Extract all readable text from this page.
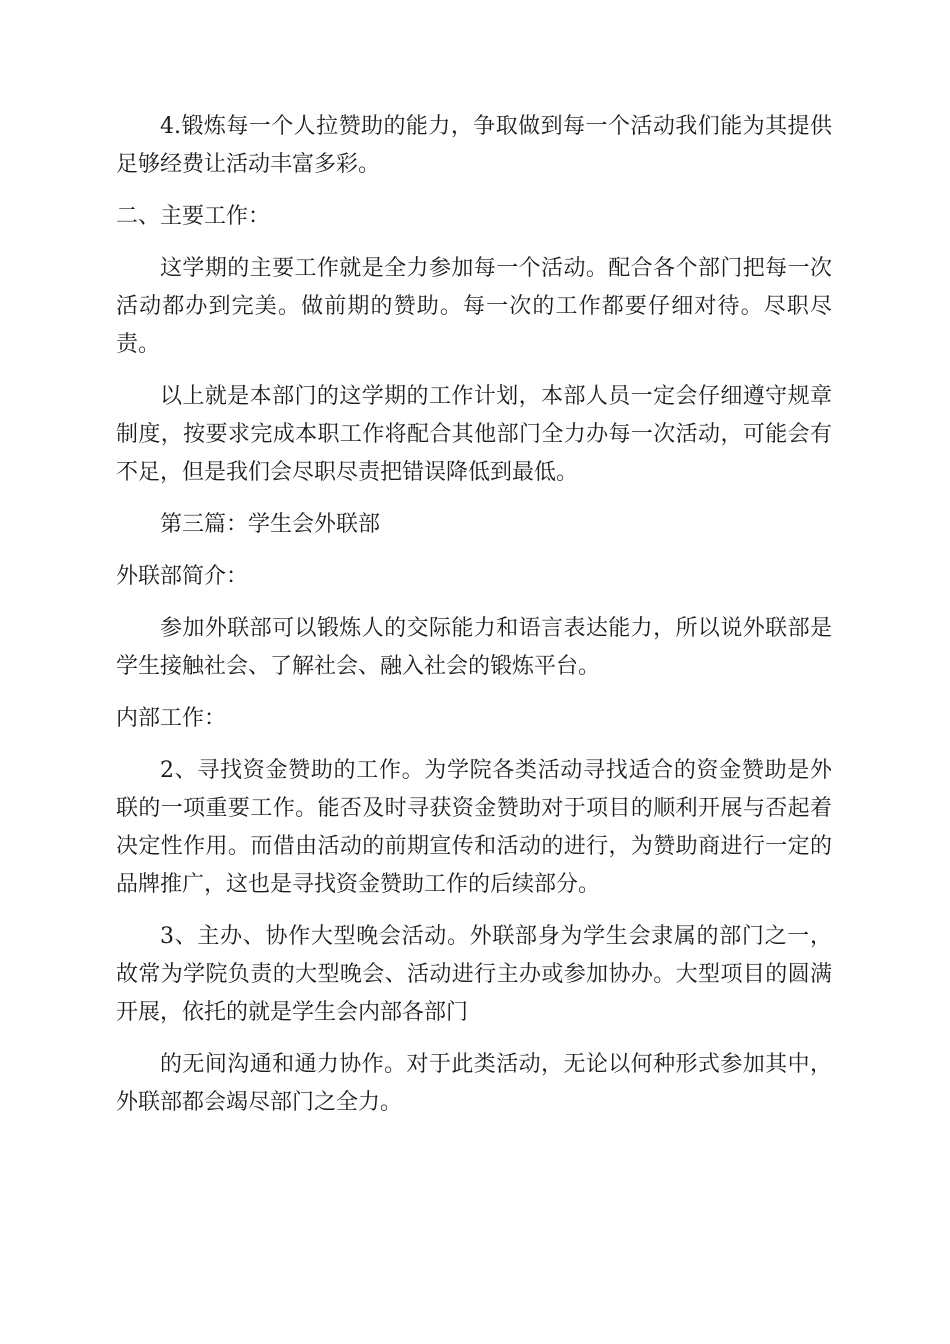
4.锻炼每一个人拉赞助的能力，争取做到每一个活动我们能为其提供足够经费让活动丰富多彩。

二、主要工作：

这学期的主要工作就是全力参加每一个活动。配合各个部门把每一次活动都办到完美。做前期的赞助。每一次的工作都要仔细对待。尽职尽责。

以上就是本部门的这学期的工作计划，本部人员一定会仔细遵守规章制度，按要求完成本职工作将配合其他部门全力办每一次活动，可能会有不足，但是我们会尽职尽责把错误降低到最低。

第三篇：学生会外联部

外联部简介：

参加外联部可以锻炼人的交际能力和语言表达能力，所以说外联部是学生接触社会、了解社会、融入社会的锻炼平台。

内部工作：

2、寻找资金赞助的工作。为学院各类活动寻找适合的资金赞助是外联的一项重要工作。能否及时寻获资金赞助对于项目的顺利开展与否起着决定性作用。而借由活动的前期宣传和活动的进行，为赞助商进行一定的品牌推广，这也是寻找资金赞助工作的后续部分。

3、主办、协作大型晚会活动。外联部身为学生会隶属的部门之一，故常为学院负责的大型晚会、活动进行主办或参加协办。大型项目的圆满开展，依托的就是学生会内部各部门

的无间沟通和通力协作。对于此类活动，无论以何种形式参加其中，外联部都会竭尽部门之全力。
